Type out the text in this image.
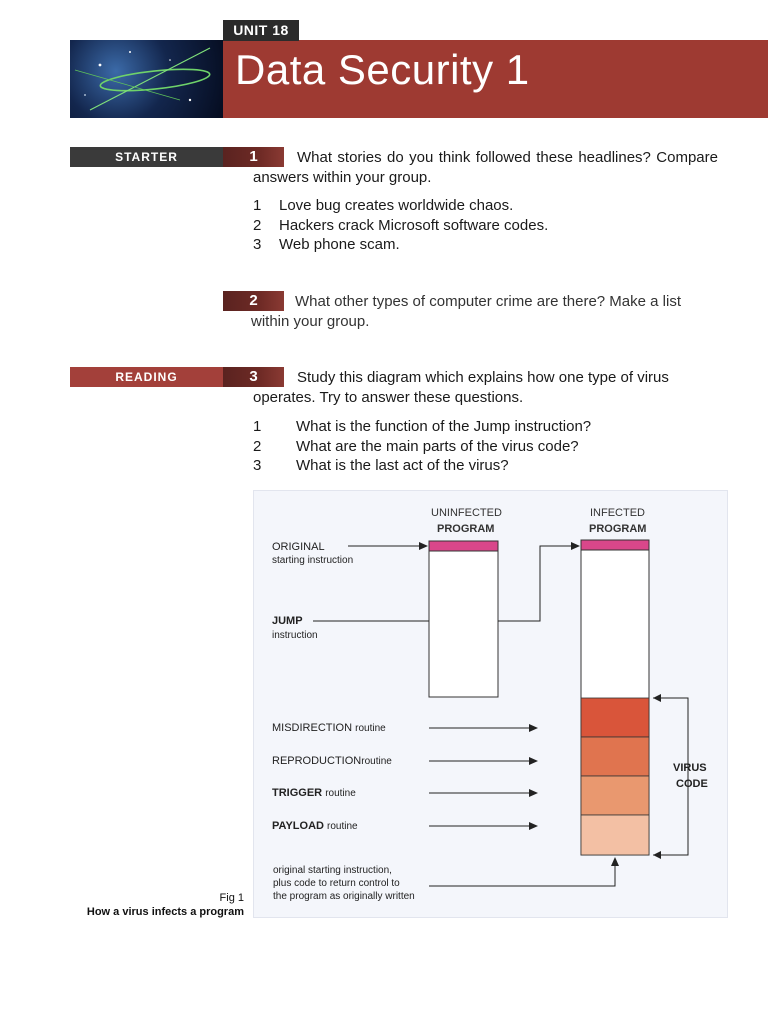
UNIT 18
Data Security 1
STARTER	1	What stories do you think followed these headlines? Compare answers within your group.
1 Love bug creates worldwide chaos.
2 Hackers crack Microsoft software codes.
3 Web phone scam.
2	What other types of computer crime are there? Make a list within your group.
READING	3	Study this diagram which explains how one type of virus operates. Try to answer these questions.
1 What is the function of the Jump instruction?
2 What are the main parts of the virus code?
3 What is the last act of the virus?
UNINFECTED
PROGRAM
INFECTED
PROGRAM
ORIGINAL
starting instruction
JUMP
instruction
MISDIRECTION routine
REPRODUCTIONroutine
TRIGGER routine
PAYLOAD routine
VIRUS
CODE
original starting instruction,
plus code to return control to
the program as originally written
Fig 1
How a virus infects a program
